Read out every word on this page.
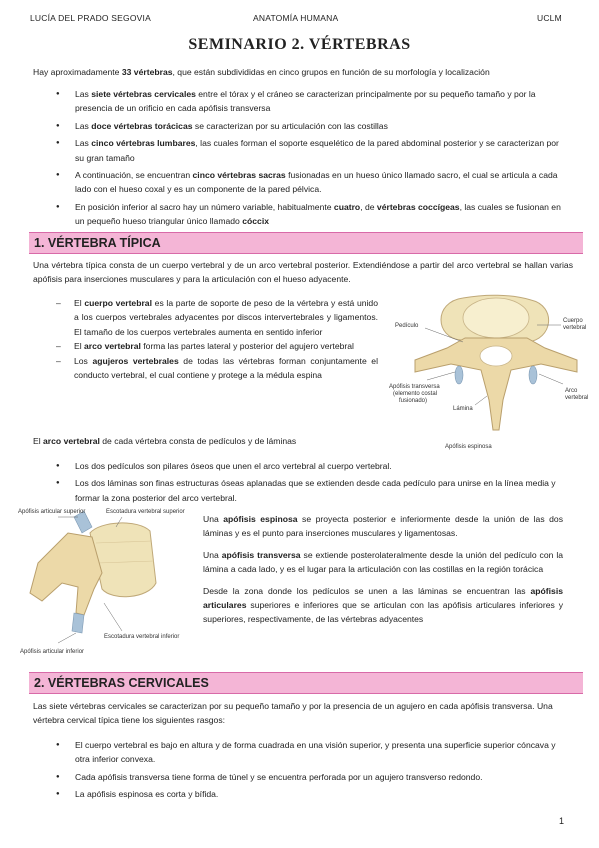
LUCÍA DEL PRADO SEGOVIA	ANATOMÍA HUMANA	UCLM
SEMINARIO 2. VÉRTEBRAS

Hay aproximadamente 33 vértebras, que están subdivididas en cinco grupos en función de su morfología y localización

● Las siete vértebras cervicales entre el tórax y el cráneo se caracterizan principalmente por su pequeño tamaño y por la presencia de un orificio en cada apófisis transversa
● Las doce vértebras torácicas se caracterizan por su articulación con las costillas
● Las cinco vértebras lumbares, las cuales forman el soporte esquelético de la pared abdominal posterior y se caracterizan por su gran tamaño
● A continuación, se encuentran cinco vértebras sacras fusionadas en un hueso único llamado sacro, el cual se articula a cada lado con el hueso coxal y es un componente de la pared pélvica.
● En posición inferior al sacro hay un número variable, habitualmente cuatro, de vértebras coccígeas, las cuales se fusionan en un pequeño hueso triangular único llamado cóccix
1. VÉRTEBRA TÍPICA

Una vértebra típica consta de un cuerpo vertebral y de un arco vertebral posterior. Extendiéndose a partir del arco vertebral se hallan varias apófisis para inserciones musculares y para la articulación con el hueso adyacente.

– El cuerpo vertebral es la parte de soporte de peso de la vértebra y está unido a los cuerpos vertebrales adyacentes por discos intervertebrales y ligamentos. El tamaño de los cuerpos vertebrales aumenta en sentido inferior
– El arco vertebral forma las partes lateral y posterior del agujero vertebral
– Los agujeros vertebrales de todas las vértebras forman conjuntamente el conducto vertebral, el cual contiene y protege a la médula espina
Pedículo
Cuerpo
vertebral
Apófisis transversa
(elemento costal
fusionado)
Lámina
Arco
vertebral
Apófisis espinosa

El arco vertebral de cada vértebra consta de pedículos y de láminas

● Los dos pedículos son pilares óseos que unen el arco vertebral al cuerpo vertebral.
● Los dos láminas son finas estructuras óseas aplanadas que se extienden desde cada pedículo para unirse en la línea media y formar la zona posterior del arco vertebral.
Apófisis articular superior	Escotadura vertebral superior
Escotadura vertebral inferior
Apófisis articular inferior

Una apófisis espinosa se proyecta posterior e inferiormente desde la unión de las dos láminas y es el punto para inserciones musculares y ligamentosas.

Una apófisis transversa se extiende posterolateralmente desde la unión del pedículo con la lámina a cada lado, y es el lugar para la articulación con las costillas en la región torácica

Desde la zona donde los pedículos se unen a las láminas se encuentran las apófisis articulares superiores e inferiores que se articulan con las apófisis articulares inferiores y superiores, respectivamente, de las vértebras adyacentes

2. VÉRTEBRAS CERVICALES

Las siete vértebras cervicales se caracterizan por su pequeño tamaño y por la presencia de un agujero en cada apófisis transversa. Una vértebra cervical típica tiene los siguientes rasgos:

● El cuerpo vertebral es bajo en altura y de forma cuadrada en una visión superior, y presenta una superficie superior cóncava y otra inferior convexa.
● Cada apófisis transversa tiene forma de túnel y se encuentra perforada por un agujero transverso redondo.
● La apófisis espinosa es corta y bífida.
1
